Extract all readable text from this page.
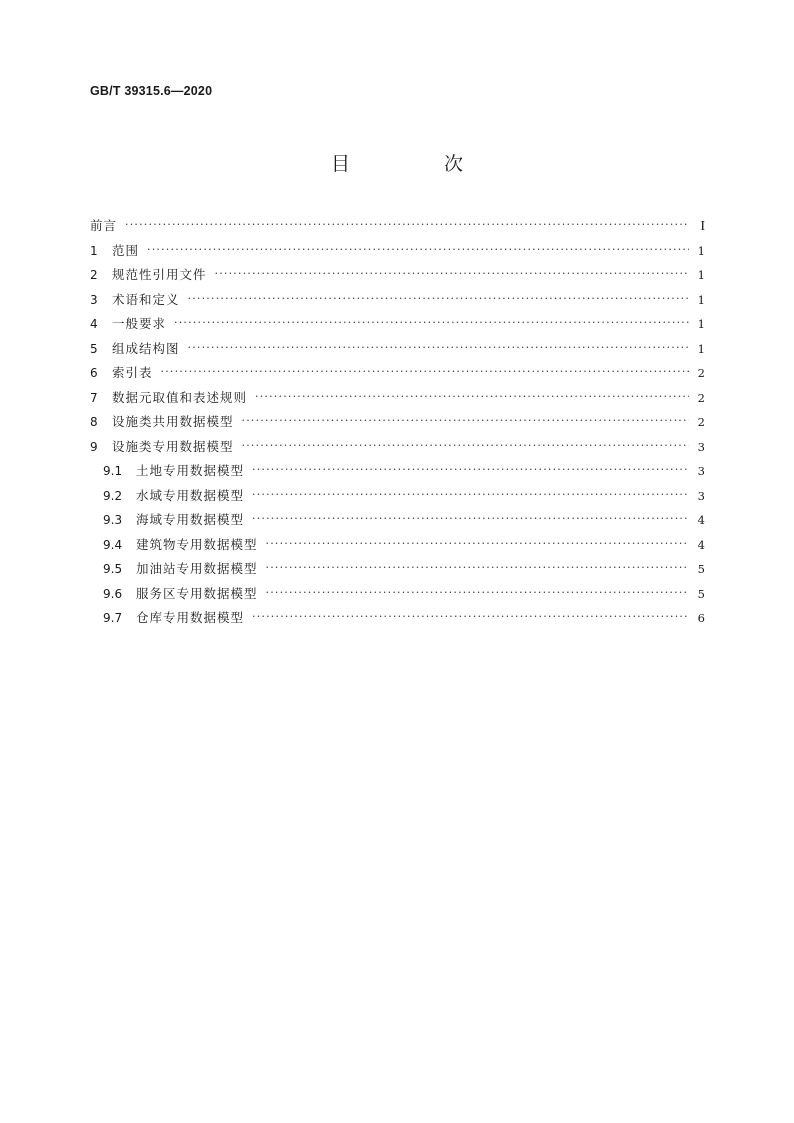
GB/T 39315.6—2020
目 次
前言 ·····	I
1	范围 ·····	1
2	规范性引用文件 ·····	1
3	术语和定义 ·····	1
4	一般要求 ·····	1
5	组成结构图 ·····	1
6	索引表 ·····	2
7	数据元取值和表述规则 ·····	2
8	设施类共用数据模型 ·····	2
9	设施类专用数据模型 ·····	3
9.1	土地专用数据模型 ·····	3
9.2	水域专用数据模型 ·····	3
9.3	海域专用数据模型 ·····	4
9.4	建筑物专用数据模型 ·····	4
9.5	加油站专用数据模型 ·····	5
9.6	服务区专用数据模型 ·····	5
9.7	仓库专用数据模型 ·····	6
